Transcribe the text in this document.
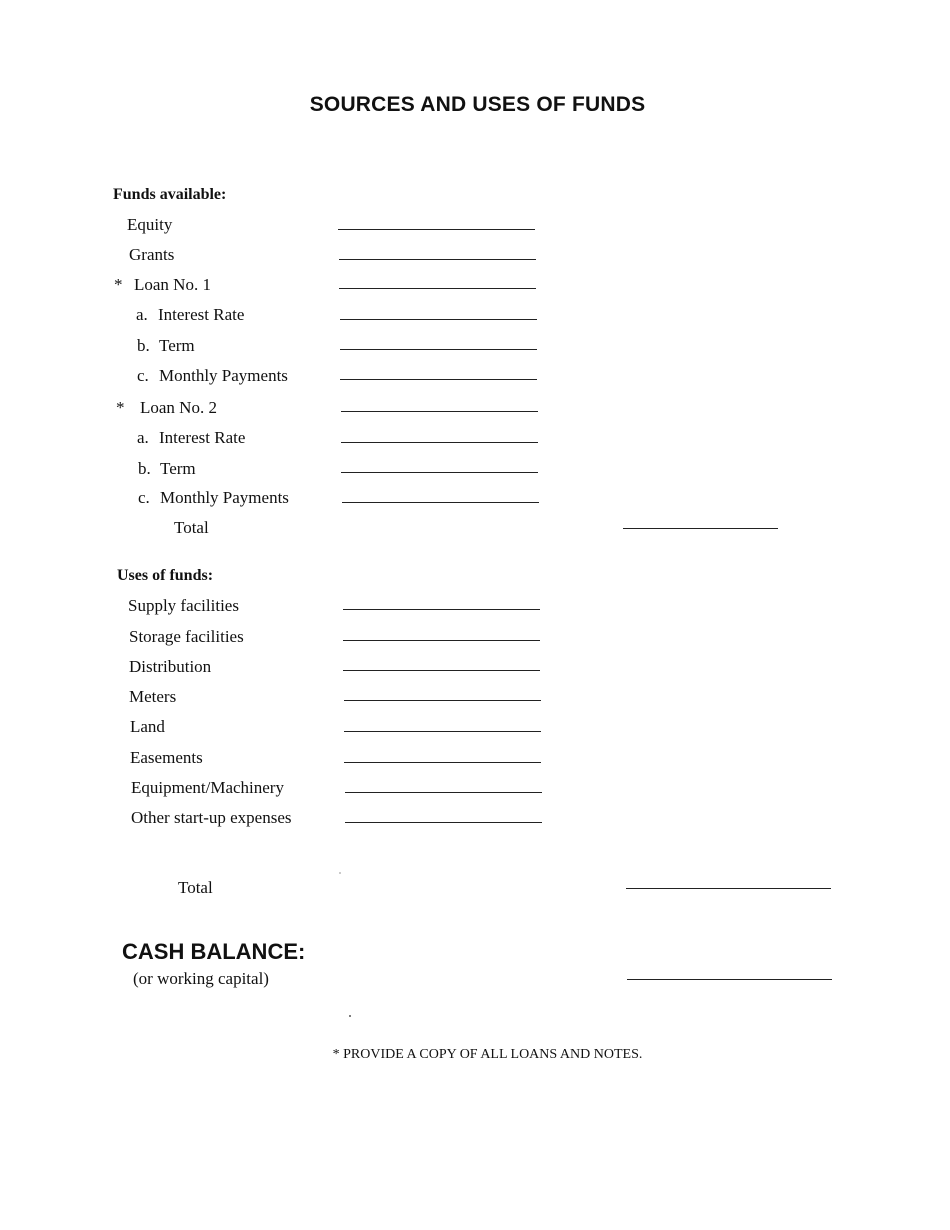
SOURCES AND USES OF FUNDS
Funds available:
Equity
Grants
* Loan No. 1
a. Interest Rate
b. Term
c. Monthly Payments
* Loan No. 2
a. Interest Rate
b. Term
c. Monthly Payments
Total
Uses of funds:
Supply facilities
Storage facilities
Distribution
Meters
Land
Easements
Equipment/Machinery
Other start-up expenses
Total
CASH BALANCE:
(or working capital)
* PROVIDE A COPY OF ALL LOANS AND NOTES.
